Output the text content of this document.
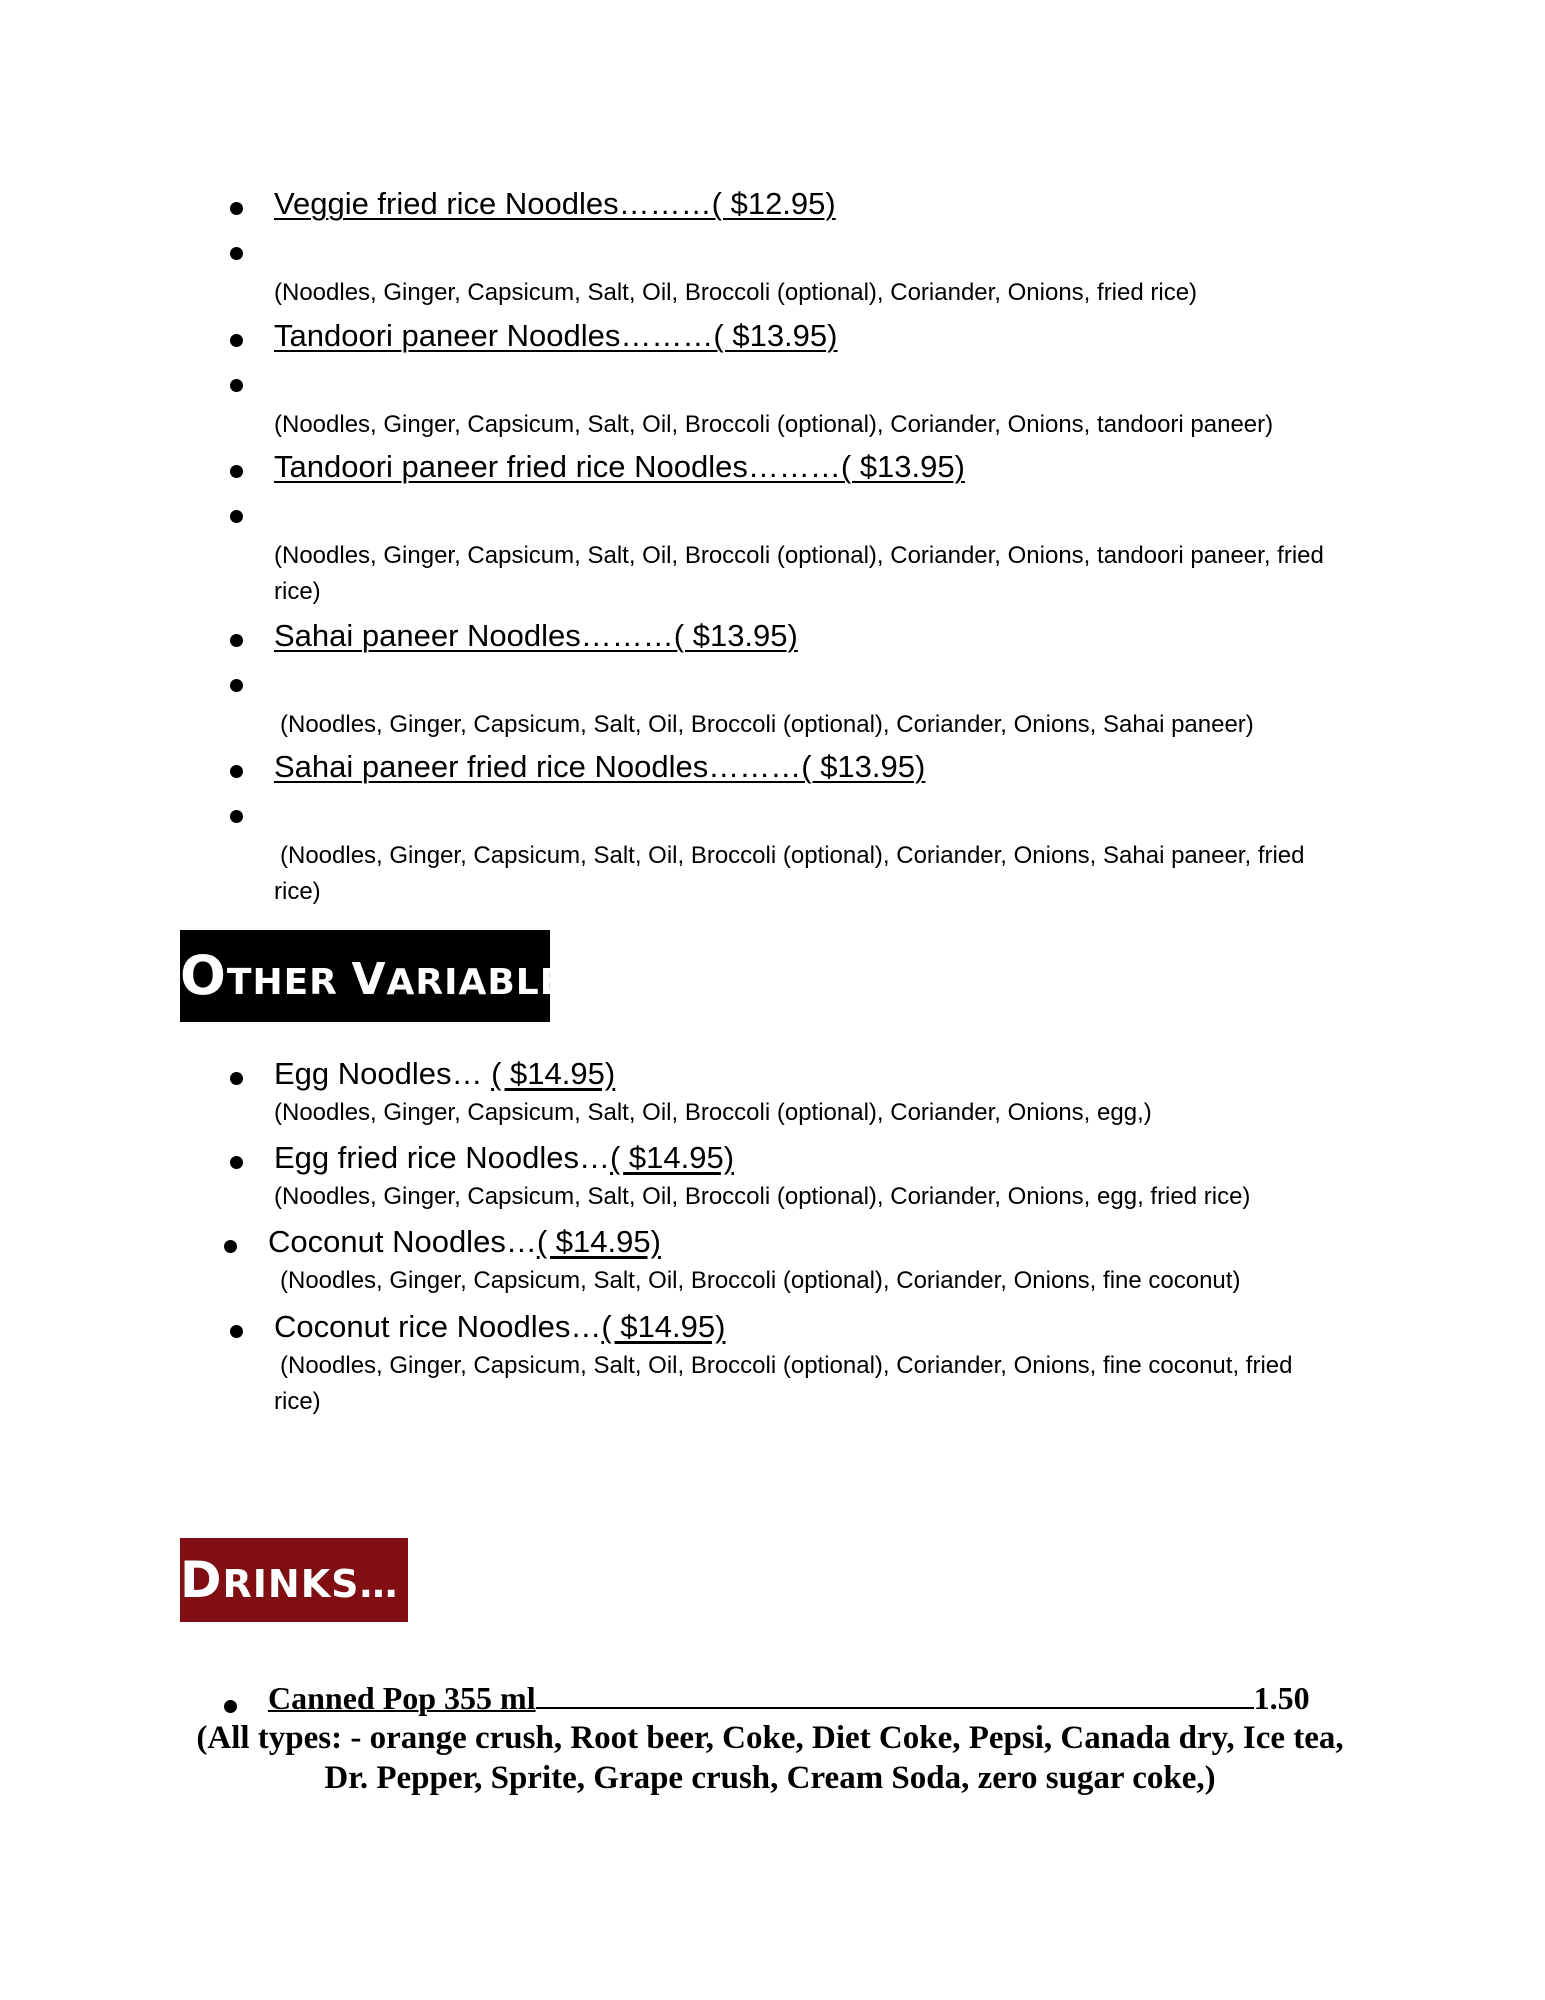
Veggie fried rice Noodles………( $12.95)
(Noodles, Ginger, Capsicum, Salt, Oil, Broccoli (optional), Coriander, Onions, fried rice)
Tandoori paneer Noodles………( $13.95)
(Noodles, Ginger, Capsicum, Salt, Oil, Broccoli (optional), Coriander, Onions, tandoori paneer)
Tandoori paneer fried rice Noodles………( $13.95)
(Noodles, Ginger, Capsicum, Salt, Oil, Broccoli (optional), Coriander, Onions, tandoori paneer, fried rice)
Sahai paneer Noodles………( $13.95)
(Noodles, Ginger, Capsicum, Salt, Oil, Broccoli (optional), Coriander, Onions, Sahai paneer)
Sahai paneer fried rice Noodles………( $13.95)
(Noodles, Ginger, Capsicum, Salt, Oil, Broccoli (optional), Coriander, Onions, Sahai paneer, fried rice)
OTHER VARIABLES
Egg Noodles… ( $14.95)
(Noodles, Ginger, Capsicum, Salt, Oil, Broccoli (optional), Coriander, Onions, egg,)
Egg fried rice Noodles…( $14.95)
(Noodles, Ginger, Capsicum, Salt, Oil, Broccoli (optional), Coriander, Onions, egg, fried rice)
Coconut Noodles…( $14.95)
(Noodles, Ginger, Capsicum, Salt, Oil, Broccoli (optional), Coriander, Onions, fine coconut)
Coconut rice Noodles…( $14.95)
(Noodles, Ginger, Capsicum, Salt, Oil, Broccoli (optional), Coriander, Onions, fine coconut, fried rice)
DRINKS…
Canned Pop 355 ml	1.50
(All types: - orange crush, Root beer, Coke, Diet Coke, Pepsi, Canada dry, Ice tea, Dr. Pepper, Sprite, Grape crush, Cream Soda, zero sugar coke,)
